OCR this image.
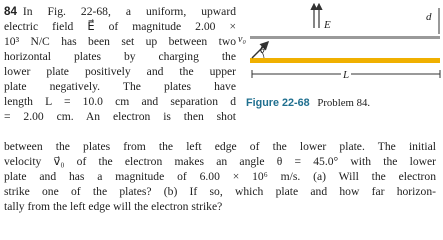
84 In Fig. 22-68, a uniform, upward
electric field E⃗ of magnitude 2.00 ×
10³ N/C has been set up between two
horizontal plates by charging the
lower plate positively and the upper
plate negatively. The plates have
length L = 10.0 cm and separation d
= 2.00 cm. An electron is then shot
E
d
v₀
θ
L
Figure 22-68 Problem 84.
between the plates from the left edge of the lower plate. The initial
velocity v⃗₀ of the electron makes an angle θ = 45.0° with the lower
plate and has a magnitude of 6.00 × 10⁶ m/s. (a) Will the electron
strike one of the plates? (b) If so, which plate and how far horizon-
tally from the left edge will the electron strike?
